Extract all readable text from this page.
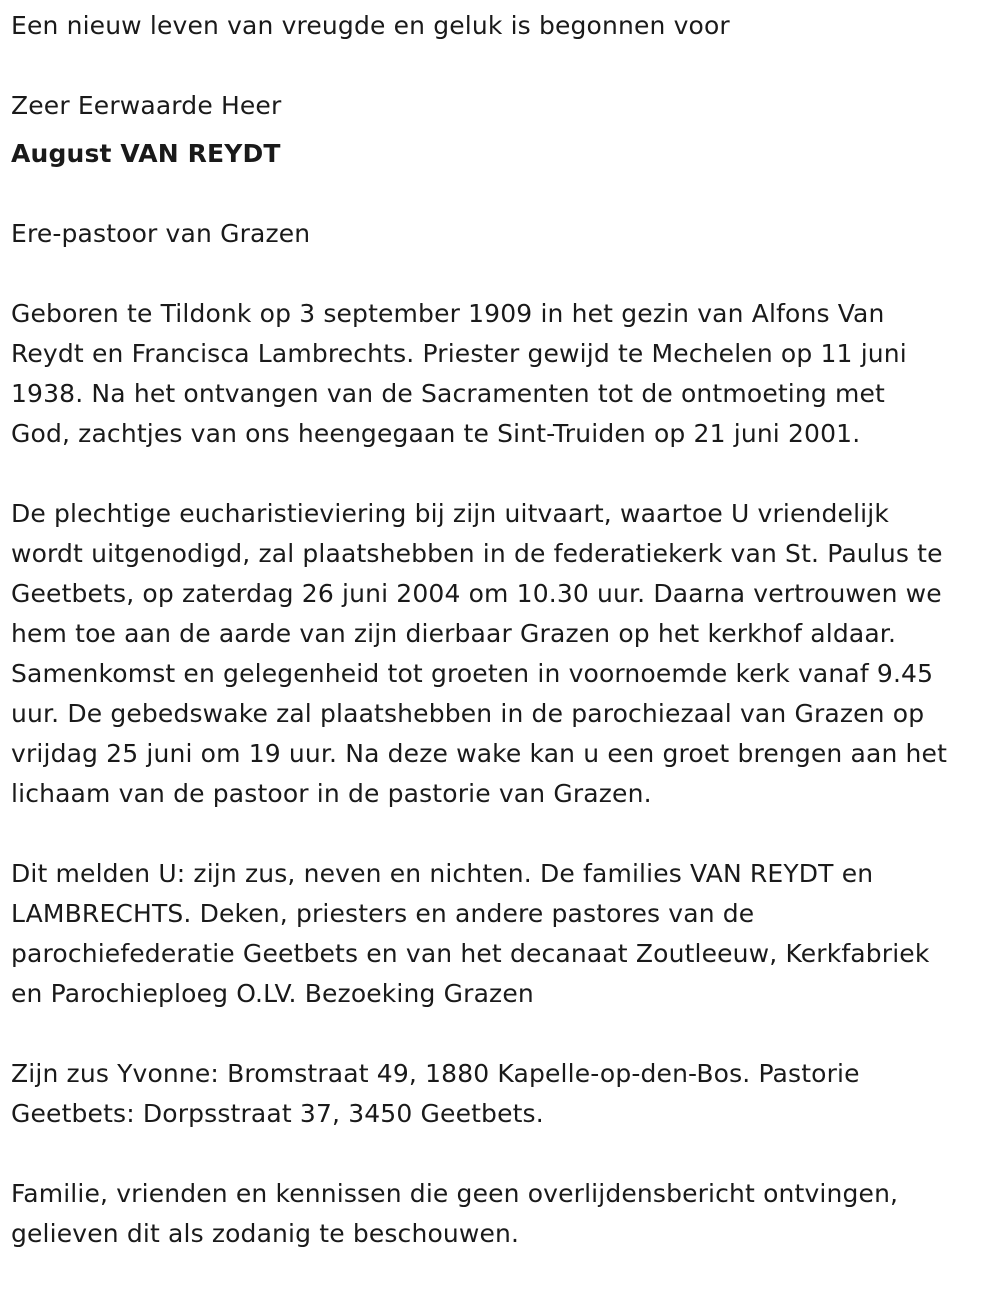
Een nieuw leven van vreugde en geluk is begonnen voor

Zeer Eerwaarde Heer

August VAN REYDT

Ere-pastoor van Grazen

Geboren te Tildonk op 3 september 1909 in het gezin van Alfons Van

Reydt en Francisca Lambrechts. Priester gewijd te Mechelen op 11 juni

1938. Na het ontvangen van de Sacramenten tot de ontmoeting met

God, zachtjes van ons heengegaan te Sint-Truiden op 21 juni 2001.

De plechtige eucharistieviering bij zijn uitvaart, waartoe U vriendelijk

wordt uitgenodigd, zal plaatshebben in de federatiekerk van St. Paulus te

Geetbets, op zaterdag 26 juni 2004 om 10.30 uur. Daarna vertrouwen we

hem toe aan de aarde van zijn dierbaar Grazen op het kerkhof aldaar.

Samenkomst en gelegenheid tot groeten in voornoemde kerk vanaf 9.45

uur. De gebedswake zal plaatshebben in de parochiezaal van Grazen op

vrijdag 25 juni om 19 uur. Na deze wake kan u een groet brengen aan het

lichaam van de pastoor in de pastorie van Grazen.

Dit melden U: zijn zus, neven en nichten. De families VAN REYDT en

LAMBRECHTS. Deken, priesters en andere pastores van de

parochiefederatie Geetbets en van het decanaat Zoutleeuw, Kerkfabriek

en Parochieploeg O.LV. Bezoeking Grazen

Zijn zus Yvonne: Bromstraat 49, 1880 Kapelle-op-den-Bos. Pastorie

Geetbets: Dorpsstraat 37, 3450 Geetbets.

Familie, vrienden en kennissen die geen overlijdensbericht ontvingen,

gelieven dit als zodanig te beschouwen.
